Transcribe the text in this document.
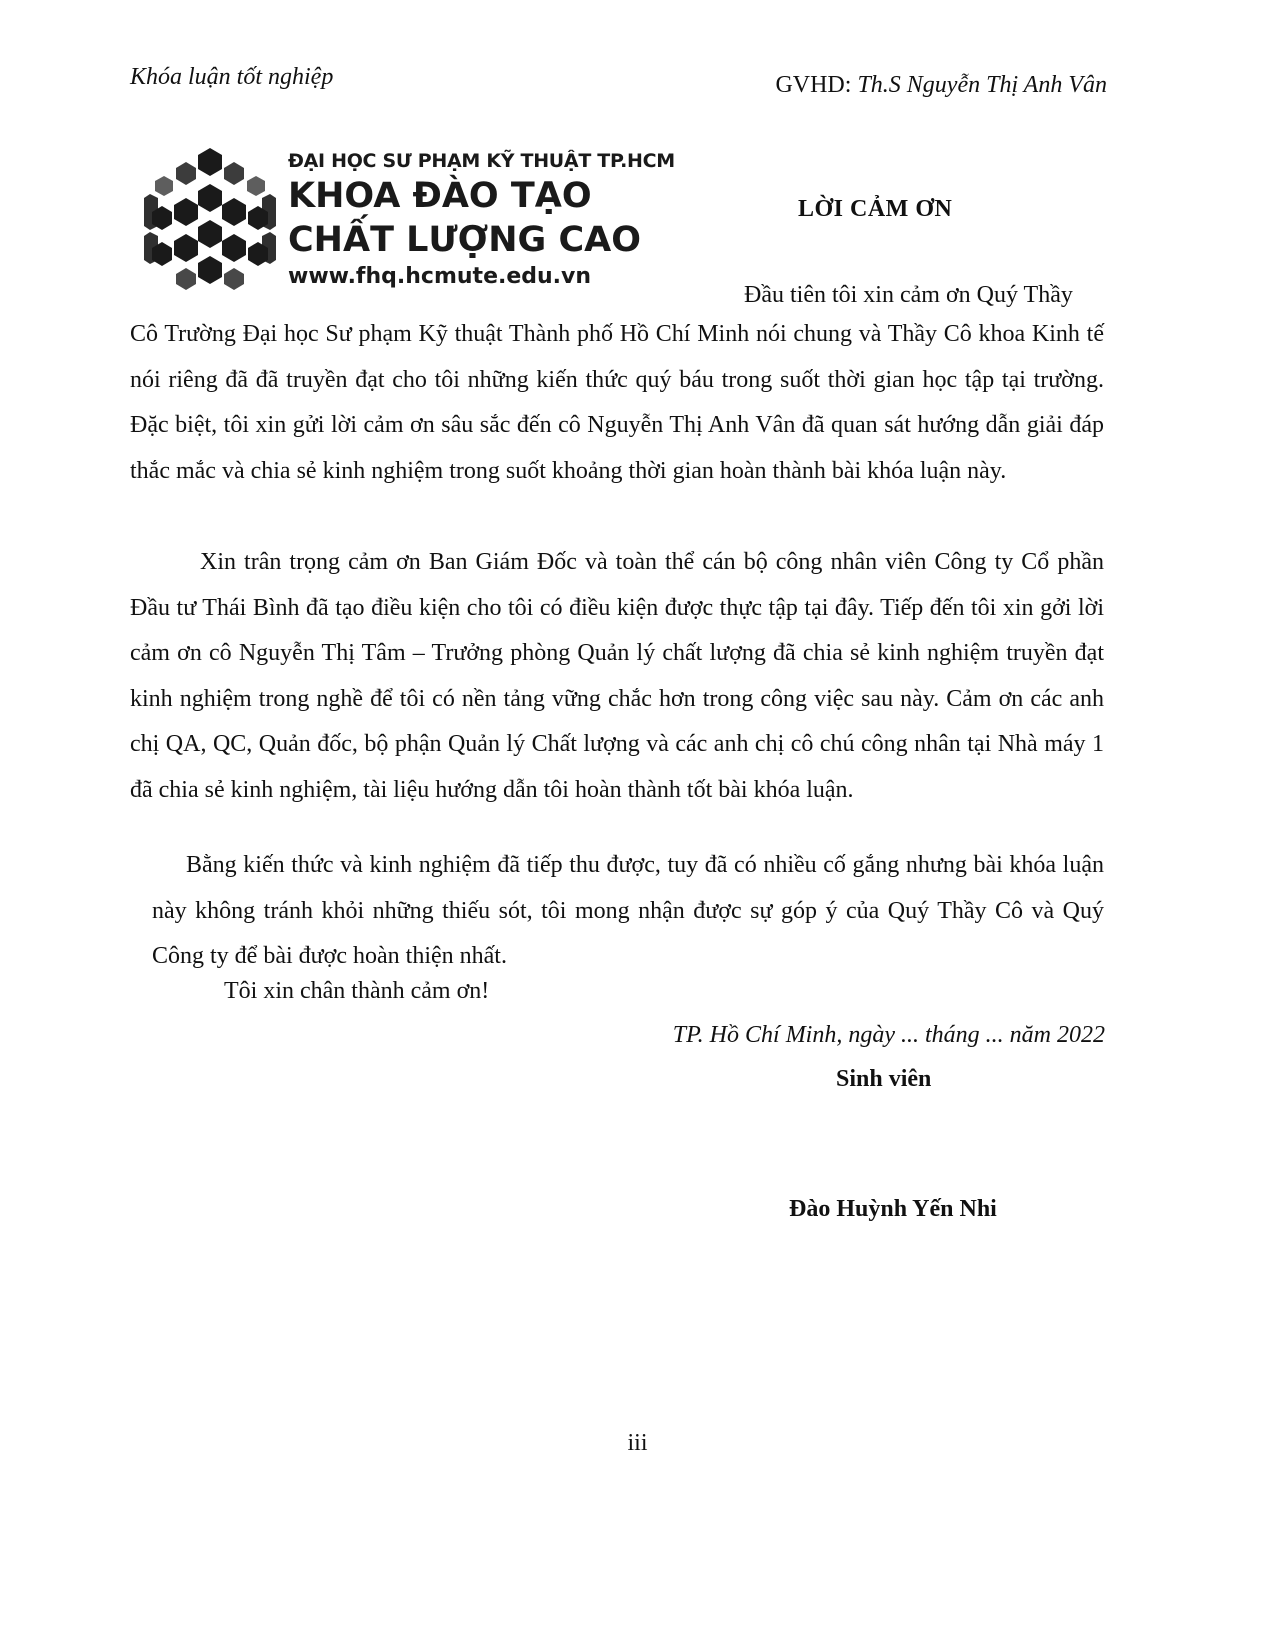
Khóa luận tốt nghiệp	GVHD: Th.S Nguyễn Thị Anh Vân
ĐẠI HỌC SƯ PHẠM KỸ THUẬT TP.HCM
KHOA ĐÀO TẠO
CHẤT LƯỢNG CAO
www.fhq.hcmute.edu.vn
LỜI CẢM ƠN
Đầu tiên tôi xin cảm ơn Quý Thầy

Cô Trường Đại học Sư phạm Kỹ thuật Thành phố Hồ Chí Minh nói chung và Thầy Cô khoa Kinh tế nói riêng đã đã truyền đạt cho tôi những kiến thức quý báu trong suốt thời gian học tập tại trường. Đặc biệt, tôi xin gửi lời cảm ơn sâu sắc đến cô Nguyễn Thị Anh Vân đã quan sát hướng dẫn giải đáp thắc mắc và chia sẻ kinh nghiệm trong suốt khoảng thời gian hoàn thành bài khóa luận này.

Xin trân trọng cảm ơn Ban Giám Đốc và toàn thể cán bộ công nhân viên Công ty Cổ phần Đầu tư Thái Bình đã tạo điều kiện cho tôi có điều kiện được thực tập tại đây. Tiếp đến tôi xin gởi lời cảm ơn cô Nguyễn Thị Tâm – Trưởng phòng Quản lý chất lượng đã chia sẻ kinh nghiệm truyền đạt kinh nghiệm trong nghề để tôi có nền tảng vững chắc hơn trong công việc sau này. Cảm ơn các anh chị QA, QC, Quản đốc, bộ phận Quản lý Chất lượng và các anh chị cô chú công nhân tại Nhà máy 1 đã chia sẻ kinh nghiệm, tài liệu hướng dẫn tôi hoàn thành tốt bài khóa luận.

Bằng kiến thức và kinh nghiệm đã tiếp thu được, tuy đã có nhiều cố gắng nhưng bài khóa luận này không tránh khỏi những thiếu sót, tôi mong nhận được sự góp ý của Quý Thầy Cô và Quý Công ty để bài được hoàn thiện nhất.

Tôi xin chân thành cảm ơn!
TP. Hồ Chí Minh, ngày ... tháng ... năm 2022
Sinh viên
Đào Huỳnh Yến Nhi
iii
